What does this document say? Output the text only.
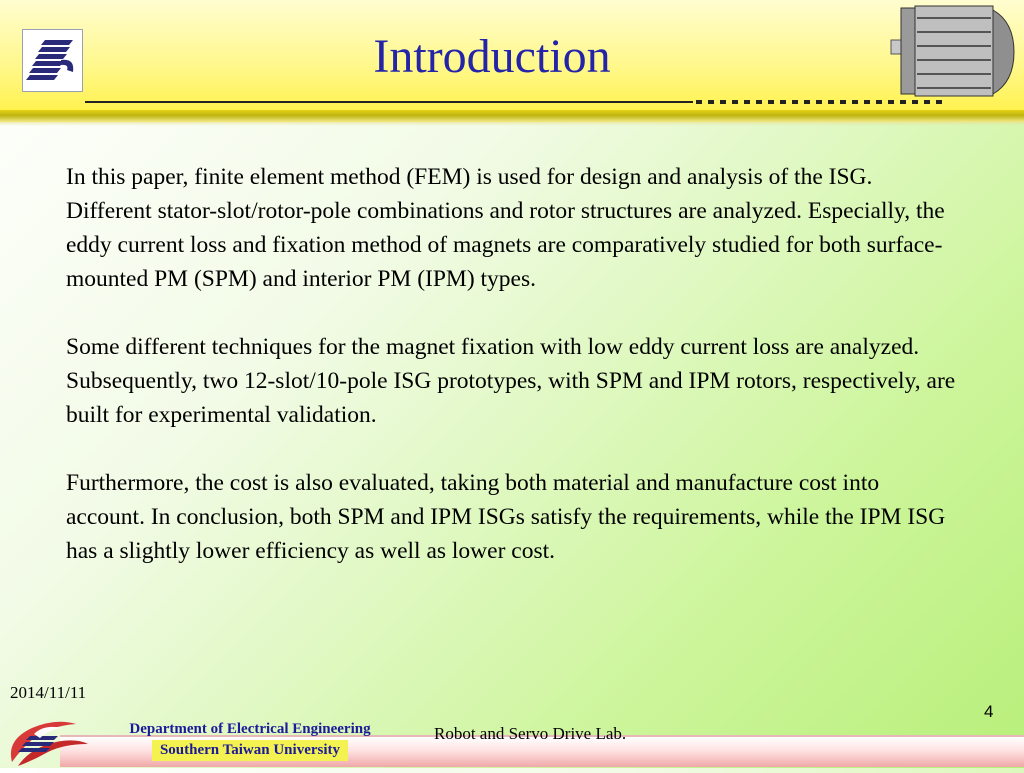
Introduction

In this paper, finite element method (FEM) is used for design and analysis of the ISG. Different stator-slot/rotor-pole combinations and rotor structures are analyzed. Especially, the eddy current loss and fixation method of magnets are comparatively studied for both surface-mounted PM (SPM) and interior PM (IPM) types.

Some different techniques for the magnet fixation with low eddy current loss are analyzed. Subsequently, two 12-slot/10-pole ISG prototypes, with SPM and IPM rotors, respectively, are built for experimental validation.

Furthermore, the cost is also evaluated, taking both material and manufacture cost into account. In conclusion, both SPM and IPM ISGs satisfy the requirements, while the IPM ISG has a slightly lower efficiency as well as lower cost.

2014/11/11
4
Department of Electrical Engineering
Southern Taiwan University
Robot and Servo Drive Lab.
